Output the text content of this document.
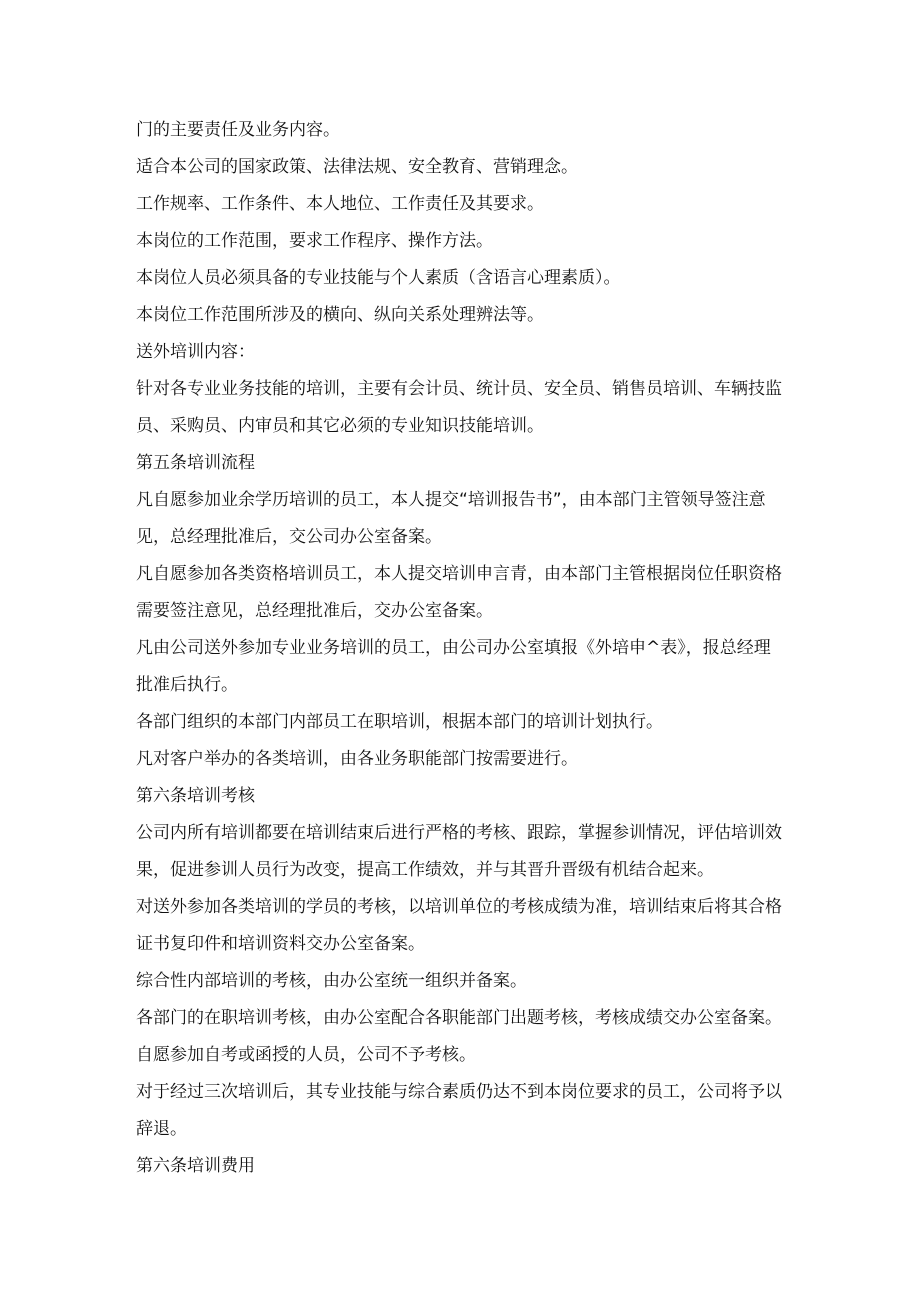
门的主要责任及业务内容。

适合本公司的国家政策、法律法规、安全教育、营销理念。

工作规率、工作条件、本人地位、工作责任及其要求。

本岗位的工作范围，要求工作程序、操作方法。

本岗位人员必须具备的专业技能与个人素质（含语言心理素质）。

本岗位工作范围所涉及的横向、纵向关系处理辨法等。

送外培训内容：

针对各专业业务技能的培训，主要有会计员、统计员、安全员、销售员培训、车辆技监
员、采购员、内审员和其它必须的专业知识技能培训。

第五条培训流程

凡自愿参加业余学历培训的员工，本人提交“培训报告书”，由本部门主管领导签注意
见，总经理批准后，交公司办公室备案。

凡自愿参加各类资格培训员工，本人提交培训申言青，由本部门主管根据岗位任职资格
需要签注意见，总经理批准后，交办公室备案。

凡由公司送外参加专业业务培训的员工，由公司办公室填报《外培申^表》，报总经理
批准后执行。

各部门组织的本部门内部员工在职培训，根据本部门的培训计划执行。

凡对客户举办的各类培训，由各业务职能部门按需要进行。

第六条培训考核

公司内所有培训都要在培训结束后进行严格的考核、跟踪，掌握参训情况，评估培训效
果，促进参训人员行为改变，提高工作绩效，并与其晋升晋级有机结合起来。

对送外参加各类培训的学员的考核，以培训单位的考核成绩为准，培训结束后将其合格
证书复印件和培训资料交办公室备案。

综合性内部培训的考核，由办公室统一组织并备案。

各部门的在职培训考核，由办公室配合各职能部门出题考核，考核成绩交办公室备案。

自愿参加自考或函授的人员，公司不予考核。

对于经过三次培训后，其专业技能与综合素质仍达不到本岗位要求的员工，公司将予以
辞退。

第六条培训费用
